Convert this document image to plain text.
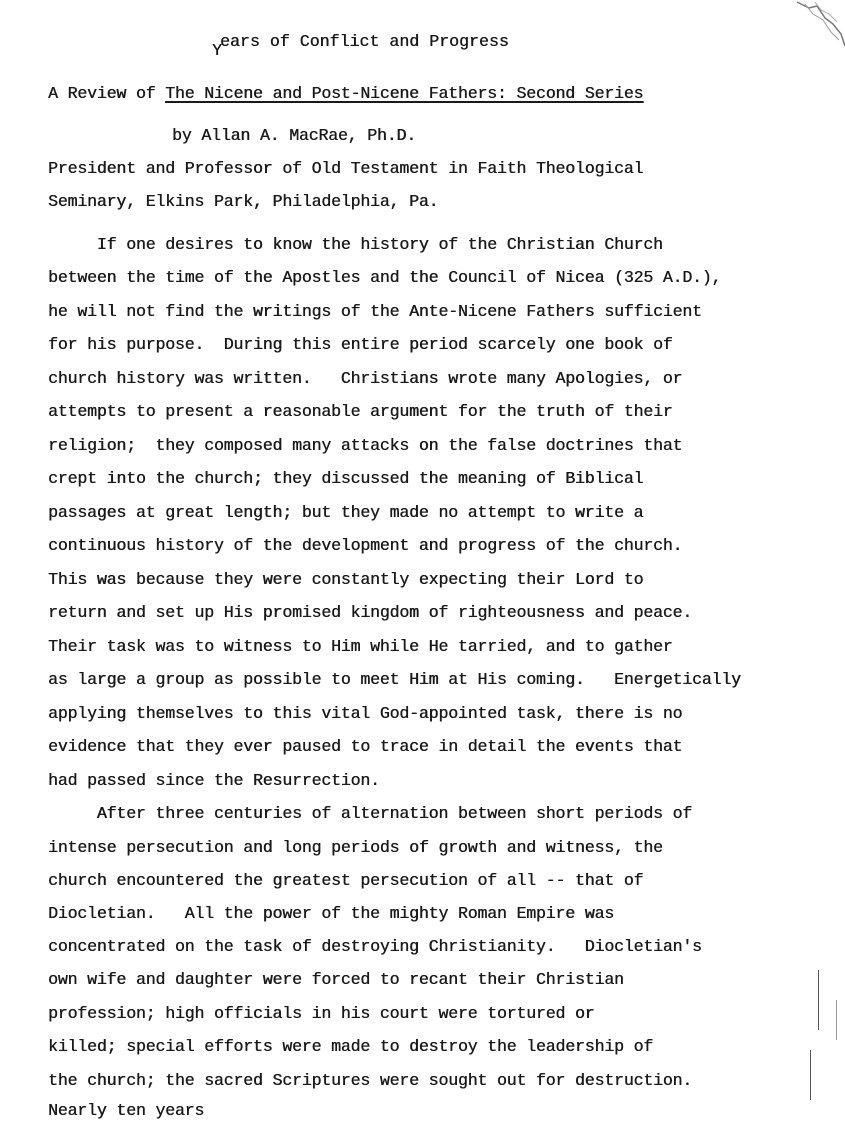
Years of Conflict and Progress
A Review of The Nicene and Post-Nicene Fathers: Second Series
by Allan A. MacRae, Ph.D.
President and Professor of Old Testament in Faith Theological
Seminary, Elkins Park, Philadelphia, Pa.
If one desires to know the history of the Christian Church
between the time of the Apostles and the Council of Nicea (325 A.D.),
he will not find the writings of the Ante-Nicene Fathers sufficient
for his purpose.  During this entire period scarcely one book of
church history was written.   Christians wrote many Apologies, or
attempts to present a reasonable argument for the truth of their
religion;  they composed many attacks on the false doctrines that
crept into the church; they discussed the meaning of Biblical
passages at great length; but they made no attempt to write a
continuous history of the development and progress of the church.
This was because they were constantly expecting their Lord to
return and set up His promised kingdom of righteousness and peace.
Their task was to witness to Him while He tarried, and to gather
as large a group as possible to meet Him at His coming.   Energetically
applying themselves to this vital God-appointed task, there is no
evidence that they ever paused to trace in detail the events that
had passed since the Resurrection.
After three centuries of alternation between short periods of
intense persecution and long periods of growth and witness, the
church encountered the greatest persecution of all -- that of
Diocletian.   All the power of the mighty Roman Empire was
concentrated on the task of destroying Christianity.   Diocletian's
own wife and daughter were forced to recant their Christian
profession; high officials in his court were tortured or
killed; special efforts were made to destroy the leadership of
the church; the sacred Scriptures were sought out for destruction.
Nearly ten years
